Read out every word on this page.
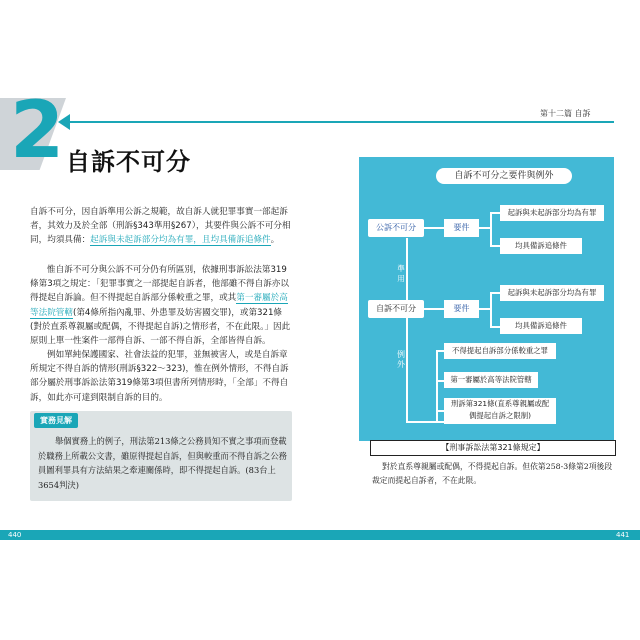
2	第十二篇 自訴
自訴不可分
自訴不可分，因自訴準用公訴之規範，故自訴人就犯罪事實一部起訴者，其效力及於全部（刑訴§343準用§267），其要件與公訴不可分相同，均須具備：起訴與未起訴部分均為有罪，且均具備訴追條件。
惟自訴不可分與公訴不可分仍有所區別，依據刑事訴訟法第319條第3項之規定：「犯罪事實之一部提起自訴者，他部雖不得自訴亦以得提起自訴論。但不得提起自訴部分係較重之罪，或其第一審屬於高等法院管轄(第4條所指內亂罪、外患罪及妨害國交罪)，或第321條(對於直系尊親屬或配偶，不得提起自訴)之情形者，不在此限。」因此原則上單一性案件一部得自訴、一部不得自訴，全部皆得自訴。
例如單純保護國家、社會法益的犯罪，並無被害人，或是自訴章所規定不得自訴的情形(刑訴§322～323)，惟在例外情形，不得自訴部分屬於刑事訴訟法第319條第3項但書所列情形時，「全部」不得自訴，如此亦可達到限制自訴的目的。
實務見解
舉個實務上的例子，刑法第213條之公務員知不實之事項而登載於職務上所載公文書，雖原得提起自訴，但與較重而不得自訴之公務員圖利罪具有方法結果之牽連關係時，即不得提起自訴。(83台上3654判決)
自訴不可分之要件與例外
公訴不可分	要件
起訴與未起訴部分均為有罪
均具備訴追條件
準用
自訴不可分	要件
起訴與未起訴部分均為有罪
均具備訴追條件
例外
不得提起自訴部分係較重之罪
第一審屬於高等法院管轄
刑訴第321條(直系尊親屬或配
偶提起自訴之限制)
【刑事訴訟法第321條規定】
對於直系尊親屬或配偶，不得提起自訴。但依第258-3條第2項後段裁定而提起自訴者，不在此限。
440	441
